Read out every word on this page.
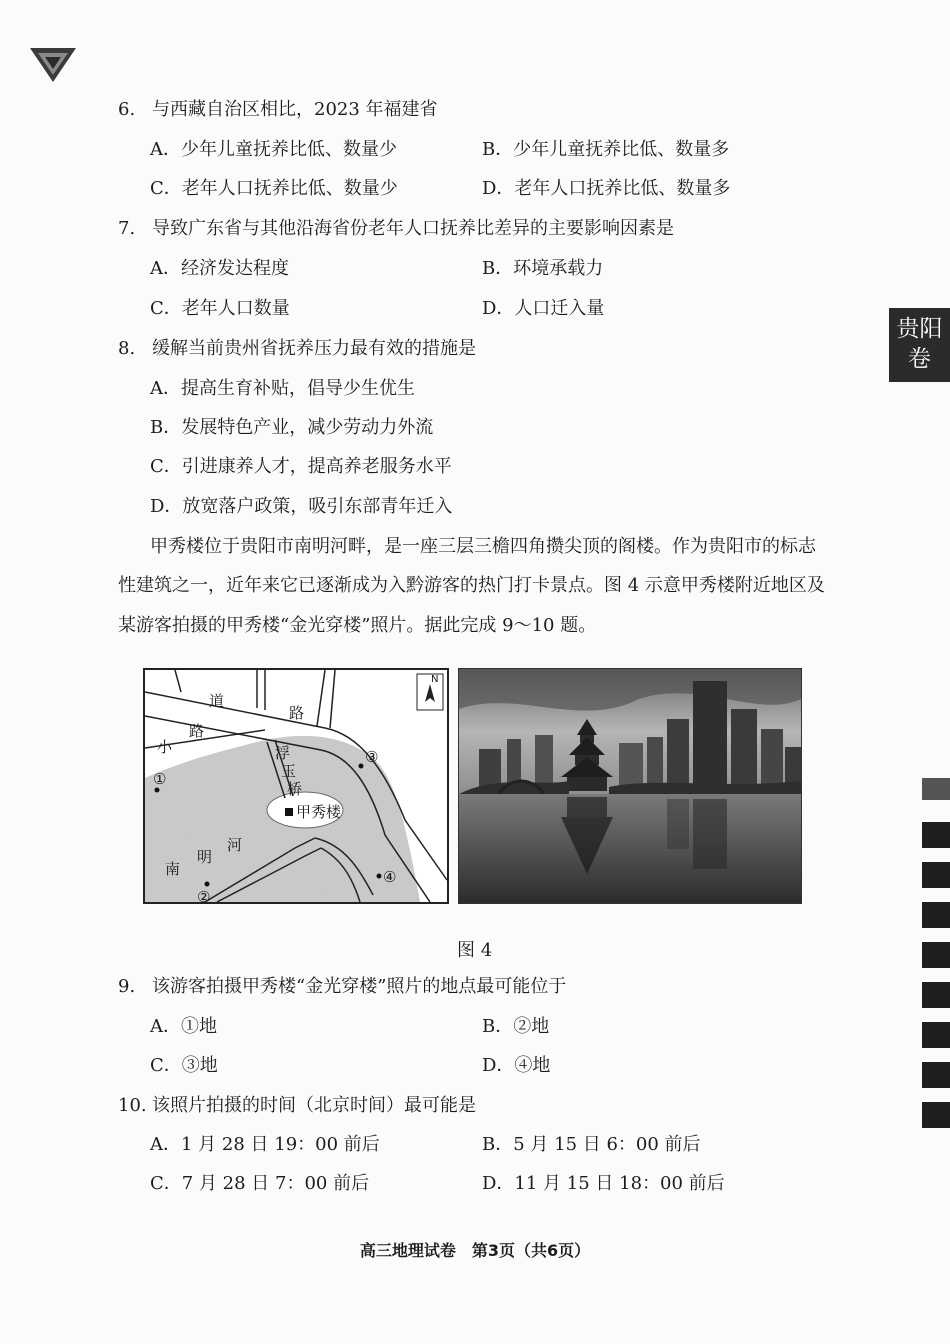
贵阳
卷
6. 与西藏自治区相比，2023 年福建省
A．少年儿童抚养比低、数量少	B．少年儿童抚养比低、数量多
C．老年人口抚养比低、数量少	D．老年人口抚养比低、数量多
7. 导致广东省与其他沿海省份老年人口抚养比差异的主要影响因素是
A．经济发达程度	B．环境承载力
C．老年人口数量	D．人口迁入量
8. 缓解当前贵州省抚养压力最有效的措施是
A．提高生育补贴，倡导少生优生
B．发展特色产业，减少劳动力外流
C．引进康养人才，提高养老服务水平
D．放宽落户政策，吸引东部青年迁入
甲秀楼位于贵阳市南明河畔，是一座三层三檐四角攒尖顶的阁楼。作为贵阳市的标志
性建筑之一，近年来它已逐渐成为入黔游客的热门打卡景点。图 4 示意甲秀楼附近地区及
某游客拍摄的甲秀楼“金光穿楼”照片。据此完成 9～10 题。
N
道
路
小
路
浮
玉
桥
南
明
河
甲秀楼
①
②
③
④
图 4
9. 该游客拍摄甲秀楼“金光穿楼”照片的地点最可能位于
A．①地	B．②地
C．③地	D．④地
10. 该照片拍摄的时间（北京时间）最可能是
A．1 月 28 日 19：00 前后	B．5 月 15 日 6：00 前后
C．7 月 28 日 7：00 前后	D．11 月 15 日 18：00 前后
高三地理试卷　第3页（共6页）
